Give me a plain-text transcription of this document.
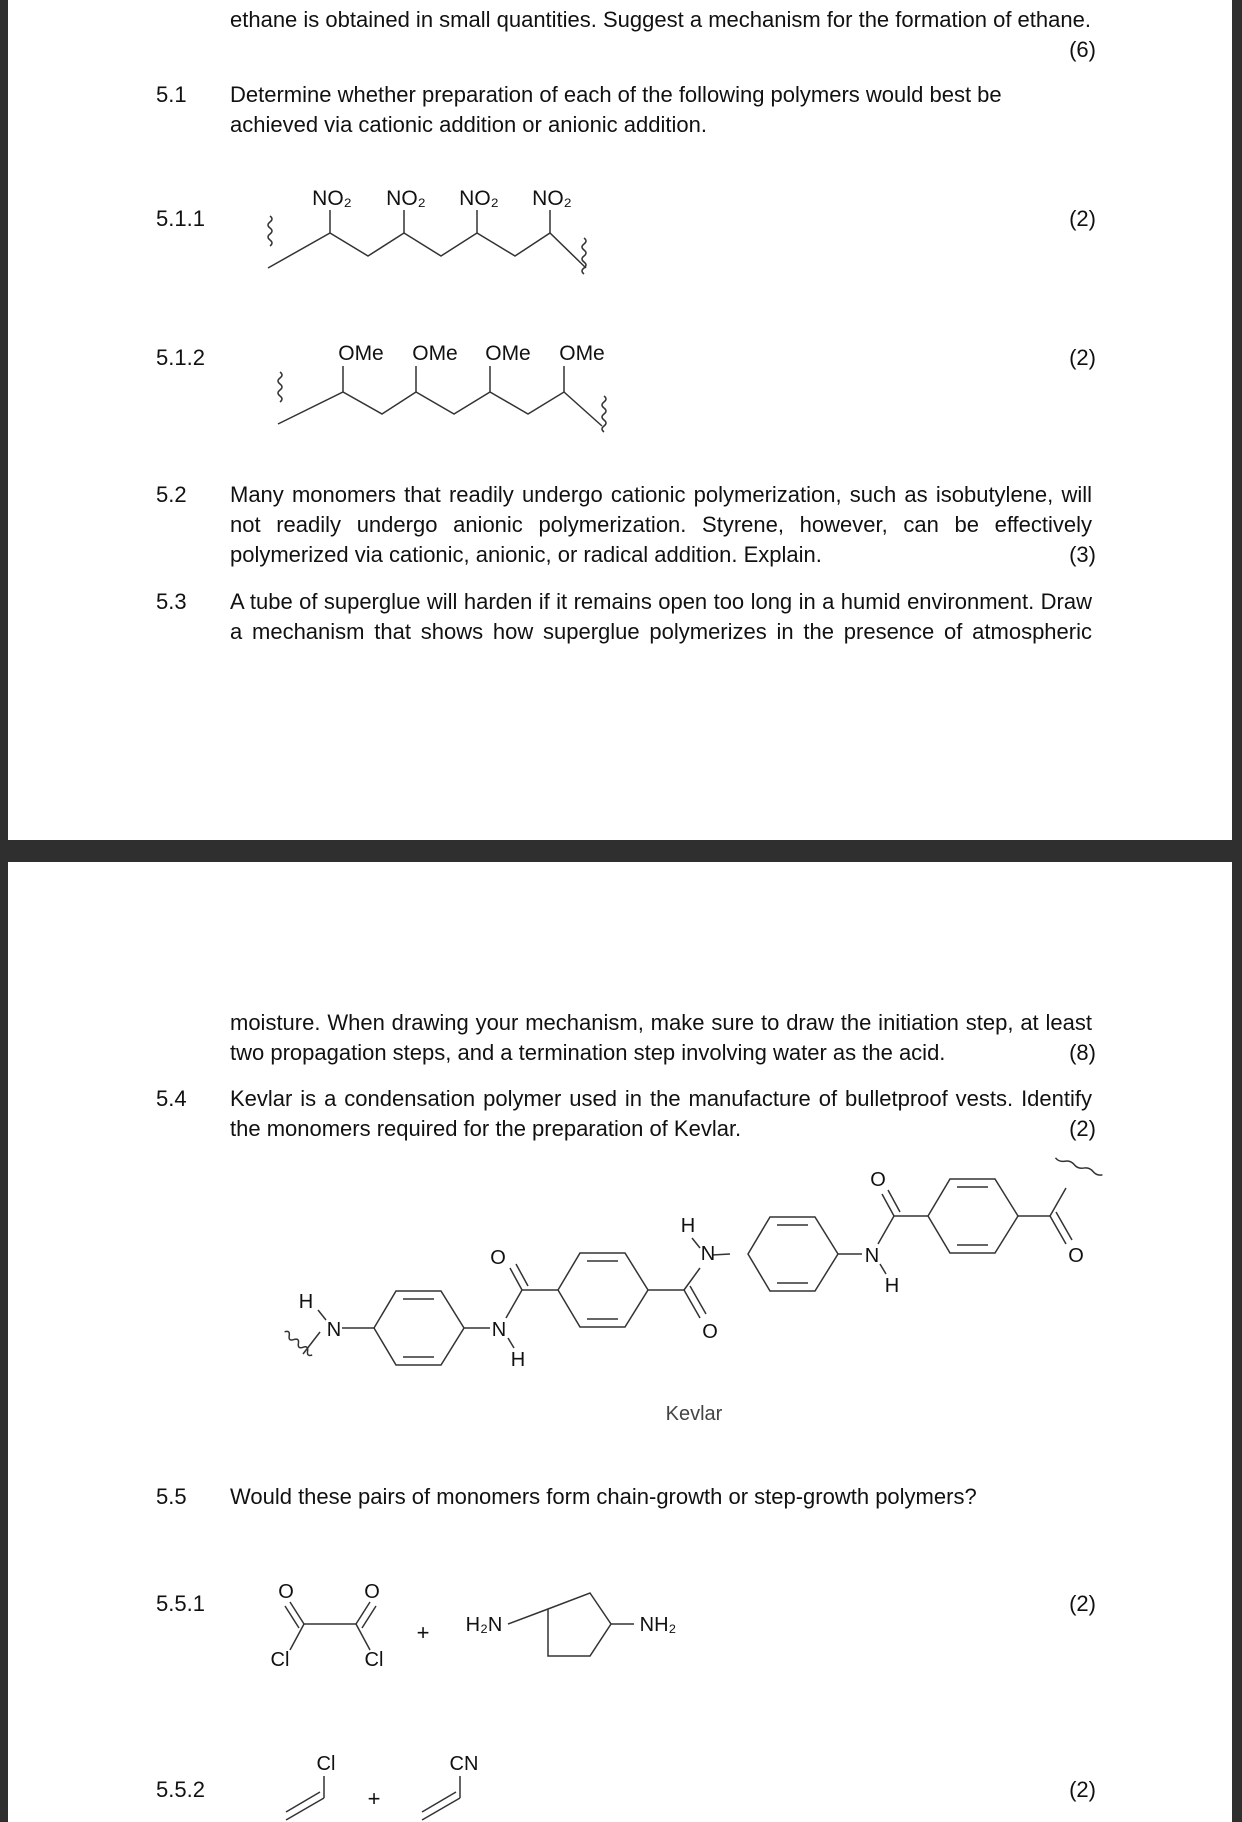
ethane is obtained in small quantities. Suggest a mechanism for the formation of ethane.
(6)
5.1 Determine whether preparation of each of the following polymers would best be
achieved via cationic addition or anionic addition.
5.1.1	(2)
NO₂ NO₂ NO₂ NO₂
5.1.2	(2)
OMe OMe OMe OMe
5.2 Many monomers that readily undergo cationic polymerization, such as isobutylene, will
not readily undergo anionic polymerization. Styrene, however, can be effectively
polymerized via cationic, anionic, or radical addition. Explain.	(3)
5.3 A tube of superglue will harden if it remains open too long in a humid environment. Draw
a mechanism that shows how superglue polymerizes in the presence of atmospheric
moisture. When drawing your mechanism, make sure to draw the initiation step, at least
two propagation steps, and a termination step involving water as the acid.	(8)
5.4 Kevlar is a condensation polymer used in the manufacture of bulletproof vests. Identify
the monomers required for the preparation of Kevlar.	(2)
H
N	N
H
O
O
H
N	N
H
O
O
Kevlar
5.5 Would these pairs of monomers form chain-growth or step-growth polymers?
5.5.1	(2)
O	O
Cl	Cl
+ H₂N	NH₂
5.5.2	(2)
Cl
+
CN
